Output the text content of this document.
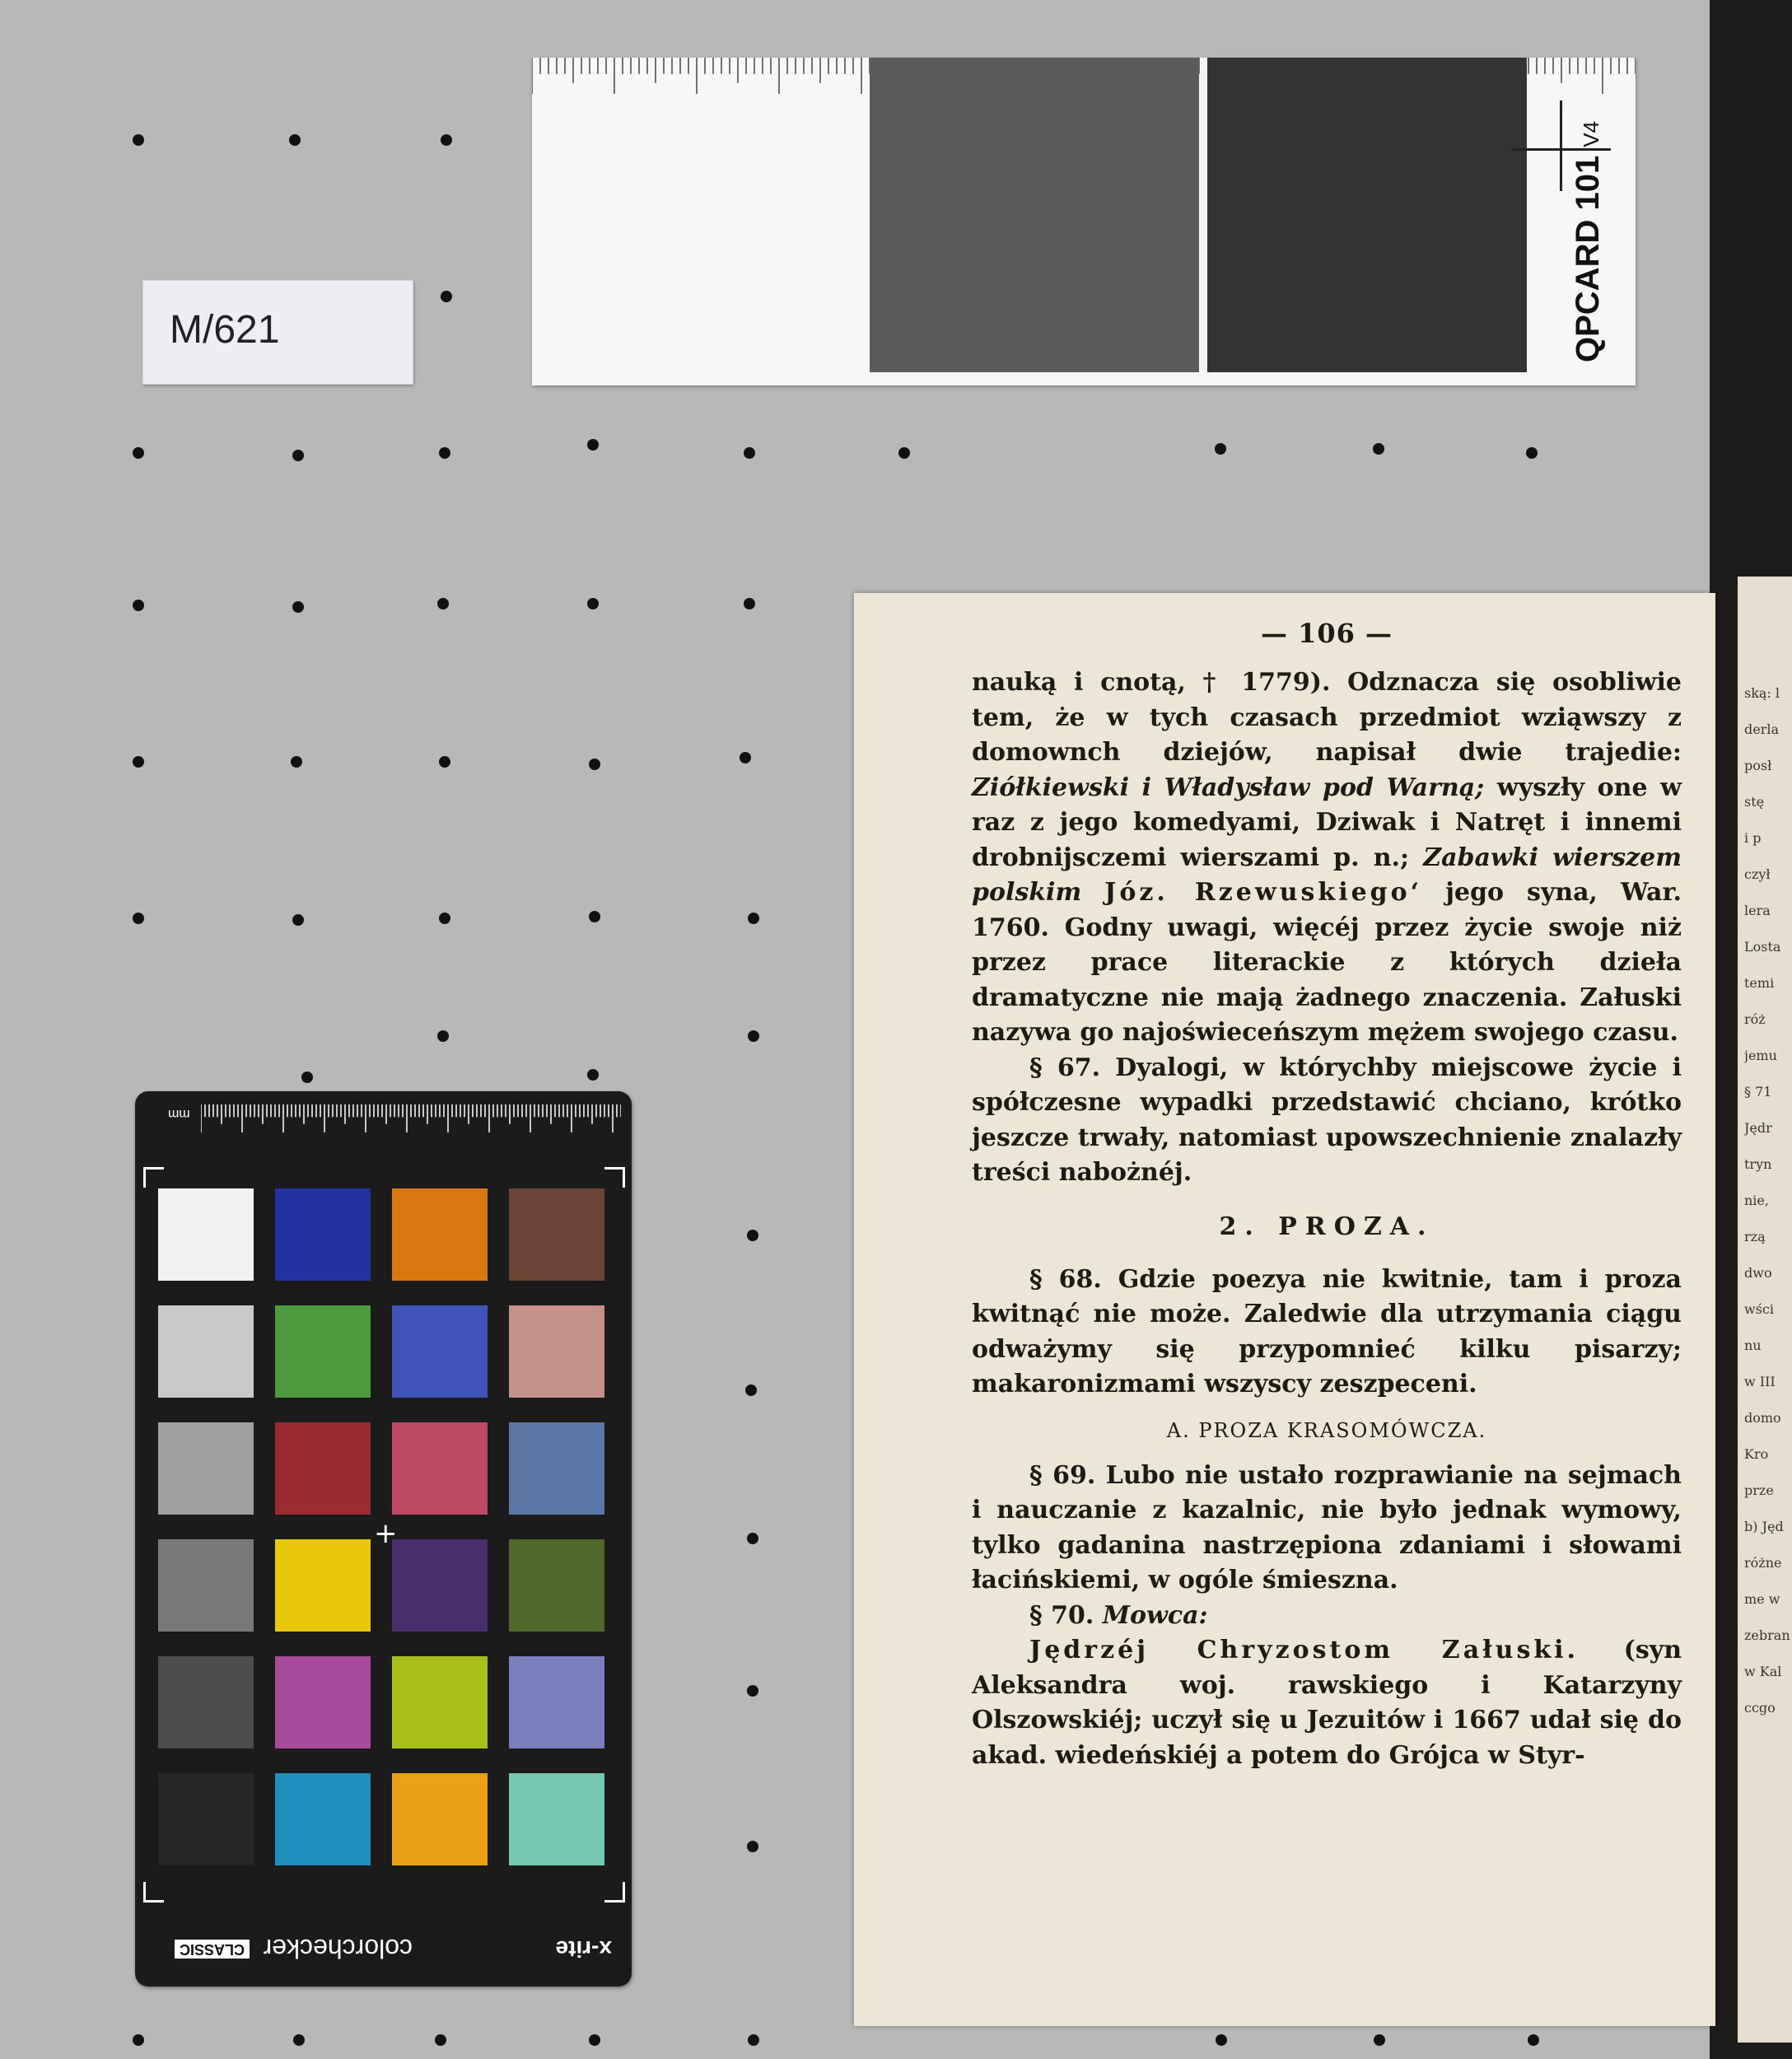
M/621	QPCARD 101V4
ską: l
derla
posł
stę
i p
czył
lera
Losta
temi
róż
jemu
§ 71
Jędr
tryn
nie,
rzą
dwo
wści
nu
w III
domo
Kro
prze
b) Jęd
różne
me w
zebran
w Kal
ccgo
— 106 —

nauką i cnotą, † 1779). Odznacza się osobliwie tem, że w tych czasach przedmiot wziąwszy z domownch dziejów, napisał dwie trajedie: Ziółkiewski i Władysław pod Warną; wyszły one w raz z jego komedyami, Dziwak i Natręt i innemi drobnijsczemi wierszami p. n.; Zabawki wierszem polskim Józ. Rzewuskiego‘ jego syna, War. 1760. Godny uwagi, więcéj przez życie swoje niż przez prace literackie z których dzieła dramatyczne nie mają żadnego znaczenia. Załuski nazywa go najoświeceńszym mężem swojego czasu.

§ 67. Dyalogi, w którychby miejscowe życie i spółczesne wypadki przedstawić chciano, krótko jeszcze trwały, natomiast upowszechnienie znalazły treści nabożnéj.

2. PROZA.

§ 68. Gdzie poezya nie kwitnie, tam i proza kwitnąć nie może. Zaledwie dla utrzymania ciągu odważymy się przypomnieć kilku pisarzy; makaronizmami wszyscy zeszpeceni.

A. PROZA KRASOMÓWCZA.

§ 69. Lubo nie ustało rozprawianie na sejmach i nauczanie z kazalnic, nie było jednak wymowy, tylko gadanina nastrzępiona zdaniami i słowami łacińskiemi, w ogóle śmieszna.

§ 70. Mowca:

Jędrzéj Chryzostom Załuski. (syn Aleksandra woj. rawskiego i Katarzyny Olszowskiéj; uczył się u Jezuitów i 1667 udał się do akad. wiedeńskiéj a potem do Grójca w Styr-

mm
+
colorchecker
CLASSIC	x-rite
